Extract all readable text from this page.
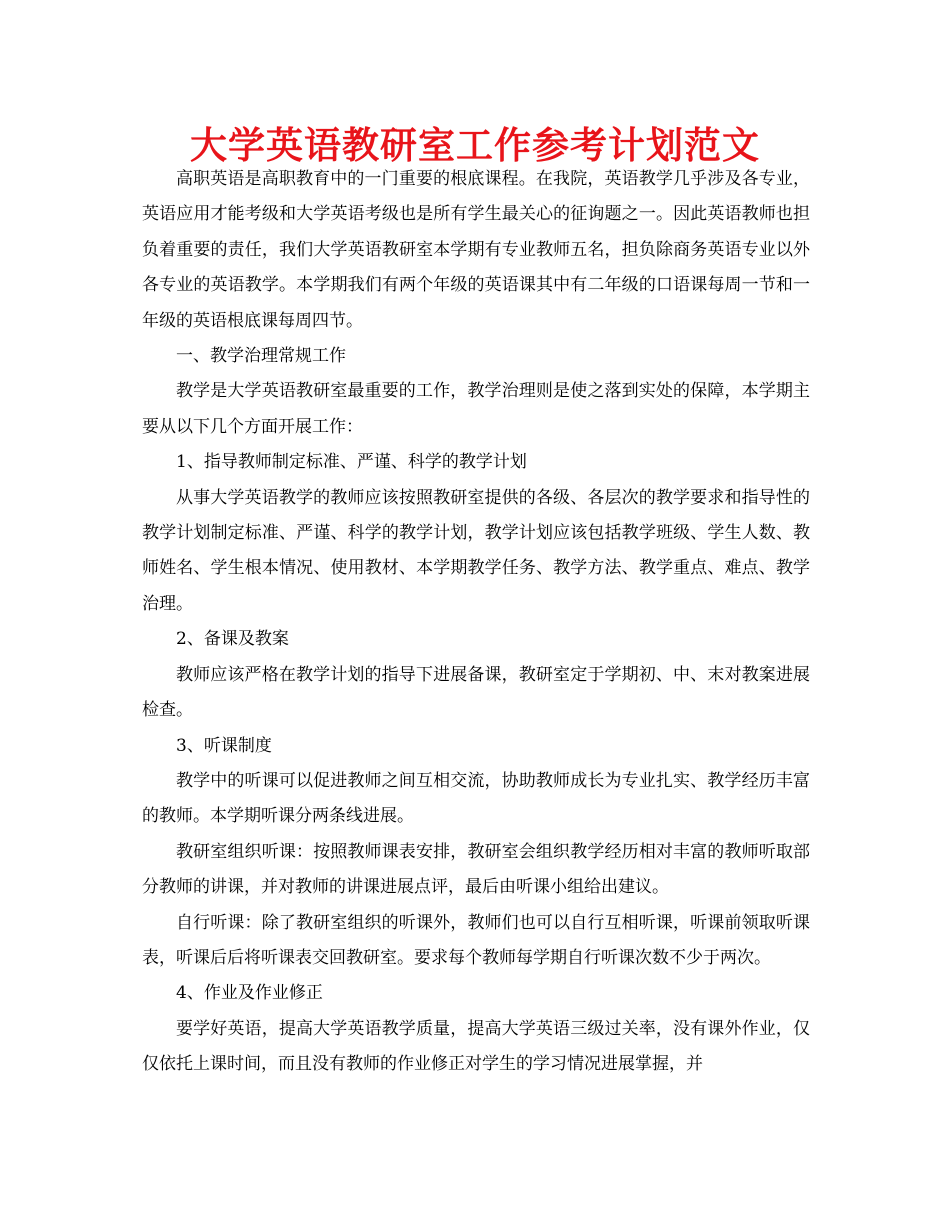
大学英语教研室工作参考计划范文

高职英语是高职教育中的一门重要的根底课程。在我院，英语教学几乎涉及各专业，英语应用才能考级和大学英语考级也是所有学生最关心的征询题之一。因此英语教师也担负着重要的责任，我们大学英语教研室本学期有专业教师五名，担负除商务英语专业以外各专业的英语教学。本学期我们有两个年级的英语课其中有二年级的口语课每周一节和一年级的英语根底课每周四节。

一、教学治理常规工作

教学是大学英语教研室最重要的工作，教学治理则是使之落到实处的保障，本学期主要从以下几个方面开展工作：

1、指导教师制定标准、严谨、科学的教学计划

从事大学英语教学的教师应该按照教研室提供的各级、各层次的教学要求和指导性的教学计划制定标准、严谨、科学的教学计划，教学计划应该包括教学班级、学生人数、教师姓名、学生根本情况、使用教材、本学期教学任务、教学方法、教学重点、难点、教学治理。

2、备课及教案

教师应该严格在教学计划的指导下进展备课，教研室定于学期初、中、末对教案进展检查。

3、听课制度

教学中的听课可以促进教师之间互相交流，协助教师成长为专业扎实、教学经历丰富的教师。本学期听课分两条线进展。

教研室组织听课：按照教师课表安排，教研室会组织教学经历相对丰富的教师听取部分教师的讲课，并对教师的讲课进展点评，最后由听课小组给出建议。

自行听课：除了教研室组织的听课外，教师们也可以自行互相听课，听课前领取听课表，听课后后将听课表交回教研室。要求每个教师每学期自行听课次数不少于两次。

4、作业及作业修正

要学好英语，提高大学英语教学质量，提高大学英语三级过关率，没有课外作业，仅仅依托上课时间，而且没有教师的作业修正对学生的学习情况进展掌握，并
